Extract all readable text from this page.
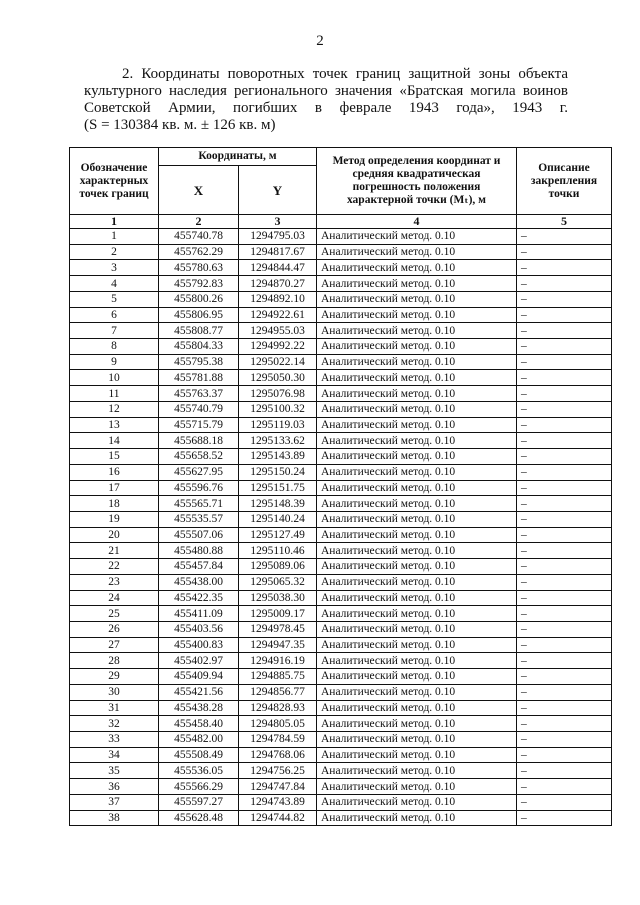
2
2. Координаты поворотных точек границ защитной зоны объекта
культурного наследия регионального значения «Братская могила воинов
Советской Армии, погибших в феврале 1943 года», 1943 г.
(S = 130384 кв. м. ± 126 кв. м)
Обозначение характерных точек границ	Координаты, м		Метод определения координат и средняя квадратическая погрешность положения характерной точки (Mₜ), м	Описание закрепления точки
	X	Y		
1	2	3	4	5
1	455740.78	1294795.03	Аналитический метод. 0.10	–
2	455762.29	1294817.67	Аналитический метод. 0.10	–
3	455780.63	1294844.47	Аналитический метод. 0.10	–
4	455792.83	1294870.27	Аналитический метод. 0.10	–
5	455800.26	1294892.10	Аналитический метод. 0.10	–
6	455806.95	1294922.61	Аналитический метод. 0.10	–
7	455808.77	1294955.03	Аналитический метод. 0.10	–
8	455804.33	1294992.22	Аналитический метод. 0.10	–
9	455795.38	1295022.14	Аналитический метод. 0.10	–
10	455781.88	1295050.30	Аналитический метод. 0.10	–
11	455763.37	1295076.98	Аналитический метод. 0.10	–
12	455740.79	1295100.32	Аналитический метод. 0.10	–
13	455715.79	1295119.03	Аналитический метод. 0.10	–
14	455688.18	1295133.62	Аналитический метод. 0.10	–
15	455658.52	1295143.89	Аналитический метод. 0.10	–
16	455627.95	1295150.24	Аналитический метод. 0.10	–
17	455596.76	1295151.75	Аналитический метод. 0.10	–
18	455565.71	1295148.39	Аналитический метод. 0.10	–
19	455535.57	1295140.24	Аналитический метод. 0.10	–
20	455507.06	1295127.49	Аналитический метод. 0.10	–
21	455480.88	1295110.46	Аналитический метод. 0.10	–
22	455457.84	1295089.06	Аналитический метод. 0.10	–
23	455438.00	1295065.32	Аналитический метод. 0.10	–
24	455422.35	1295038.30	Аналитический метод. 0.10	–
25	455411.09	1295009.17	Аналитический метод. 0.10	–
26	455403.56	1294978.45	Аналитический метод. 0.10	–
27	455400.83	1294947.35	Аналитический метод. 0.10	–
28	455402.97	1294916.19	Аналитический метод. 0.10	–
29	455409.94	1294885.75	Аналитический метод. 0.10	–
30	455421.56	1294856.77	Аналитический метод. 0.10	–
31	455438.28	1294828.93	Аналитический метод. 0.10	–
32	455458.40	1294805.05	Аналитический метод. 0.10	–
33	455482.00	1294784.59	Аналитический метод. 0.10	–
34	455508.49	1294768.06	Аналитический метод. 0.10	–
35	455536.05	1294756.25	Аналитический метод. 0.10	–
36	455566.29	1294747.84	Аналитический метод. 0.10	–
37	455597.27	1294743.89	Аналитический метод. 0.10	–
38	455628.48	1294744.82	Аналитический метод. 0.10	–
